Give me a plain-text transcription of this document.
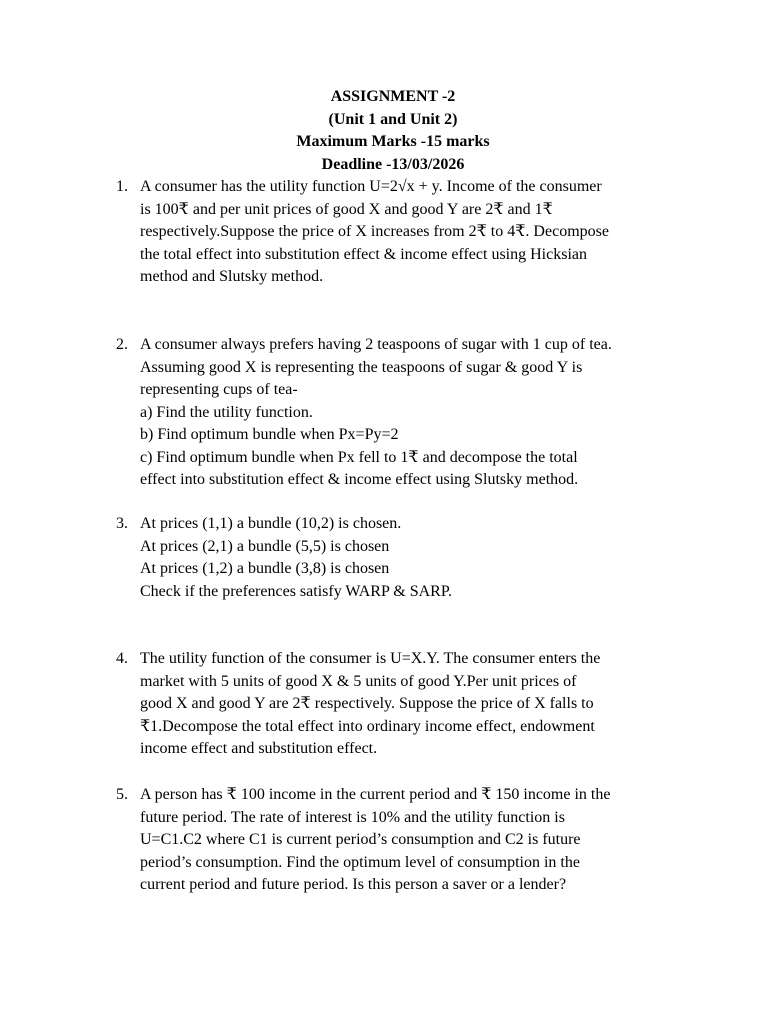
ASSIGNMENT -2
(Unit 1 and Unit 2)
Maximum Marks -15 marks
Deadline -13/03/2026
1. A consumer has the utility function U=2√x + y. Income of the consumer
is 100₹ and per unit prices of good X and good Y are 2₹ and 1₹
respectively.Suppose the price of X increases from 2₹ to 4₹. Decompose
the total effect into substitution effect & income effect using Hicksian
method and Slutsky method.
2. A consumer always prefers having 2 teaspoons of sugar with 1 cup of tea.
Assuming good X is representing the teaspoons of sugar & good Y is
representing cups of tea-
a) Find the utility function.
b) Find optimum bundle when Px=Py=2
c) Find optimum bundle when Px fell to 1₹ and decompose the total
effect into substitution effect & income effect using Slutsky method.
3. At prices (1,1) a bundle (10,2) is chosen.
At prices (2,1) a bundle (5,5) is chosen
At prices (1,2) a bundle (3,8) is chosen
Check if the preferences satisfy WARP & SARP.
4. The utility function of the consumer is U=X.Y. The consumer enters the
market with 5 units of good X & 5 units of good Y.Per unit prices of
good X and good Y are 2₹ respectively. Suppose the price of X falls to
₹1.Decompose the total effect into ordinary income effect, endowment
income effect and substitution effect.
5. A person has ₹ 100 income in the current period and ₹ 150 income in the
future period. The rate of interest is 10% and the utility function is
U=C1.C2 where C1 is current period’s consumption and C2 is future
period’s consumption. Find the optimum level of consumption in the
current period and future period. Is this person a saver or a lender?
